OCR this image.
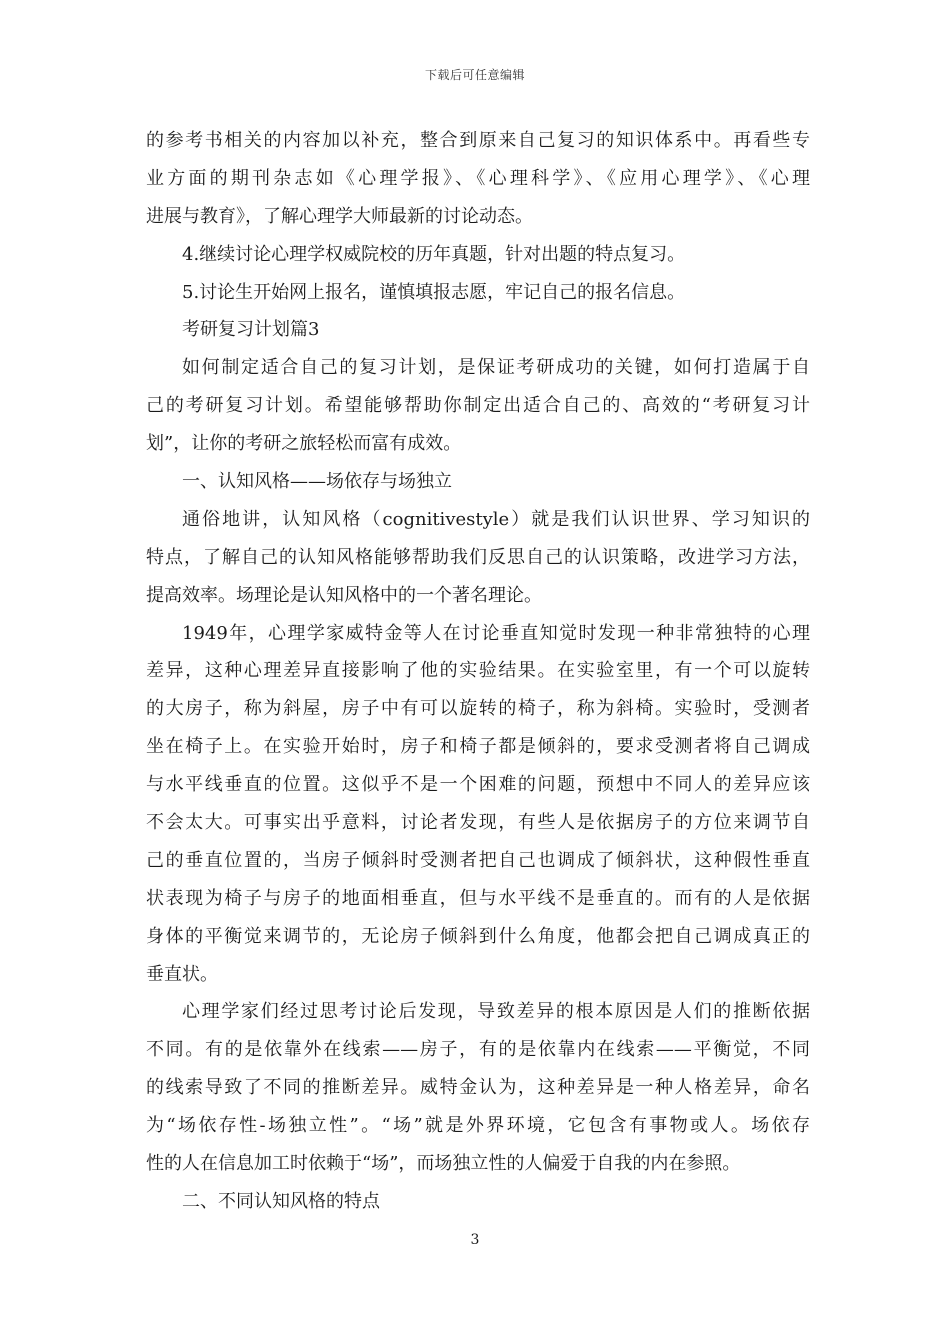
下载后可任意编辑
的参考书相关的内容加以补充，整合到原来自己复习的知识体系中。再看些专
业方面的期刊杂志如《心理学报》、《心理科学》、《应用心理学》、《心理
进展与教育》，了解心理学大师最新的讨论动态。
4.继续讨论心理学权威院校的历年真题，针对出题的特点复习。
5.讨论生开始网上报名，谨慎填报志愿，牢记自己的报名信息。
考研复习计划篇3
如何制定适合自己的复习计划，是保证考研成功的关键，如何打造属于自
己的考研复习计划。希望能够帮助你制定出适合自己的、高效的“考研复习计
划”，让你的考研之旅轻松而富有成效。
一、认知风格——场依存与场独立
通俗地讲，认知风格（cognitivestyle）就是我们认识世界、学习知识的
特点，了解自己的认知风格能够帮助我们反思自己的认识策略，改进学习方法，
提高效率。场理论是认知风格中的一个著名理论。
1949年，心理学家威特金等人在讨论垂直知觉时发现一种非常独特的心理
差异，这种心理差异直接影响了他的实验结果。在实验室里，有一个可以旋转
的大房子，称为斜屋，房子中有可以旋转的椅子，称为斜椅。实验时，受测者
坐在椅子上。在实验开始时，房子和椅子都是倾斜的，要求受测者将自己调成
与水平线垂直的位置。这似乎不是一个困难的问题，预想中不同人的差异应该
不会太大。可事实出乎意料，讨论者发现，有些人是依据房子的方位来调节自
己的垂直位置的，当房子倾斜时受测者把自己也调成了倾斜状，这种假性垂直
状表现为椅子与房子的地面相垂直，但与水平线不是垂直的。而有的人是依据
身体的平衡觉来调节的，无论房子倾斜到什么角度，他都会把自己调成真正的
垂直状。
心理学家们经过思考讨论后发现，导致差异的根本原因是人们的推断依据
不同。有的是依靠外在线索——房子，有的是依靠内在线索——平衡觉，不同
的线索导致了不同的推断差异。威特金认为，这种差异是一种人格差异，命名
为“场依存性-场独立性”。“场”就是外界环境，它包含有事物或人。场依存
性的人在信息加工时依赖于“场”，而场独立性的人偏爱于自我的内在参照。
二、不同认知风格的特点
3
